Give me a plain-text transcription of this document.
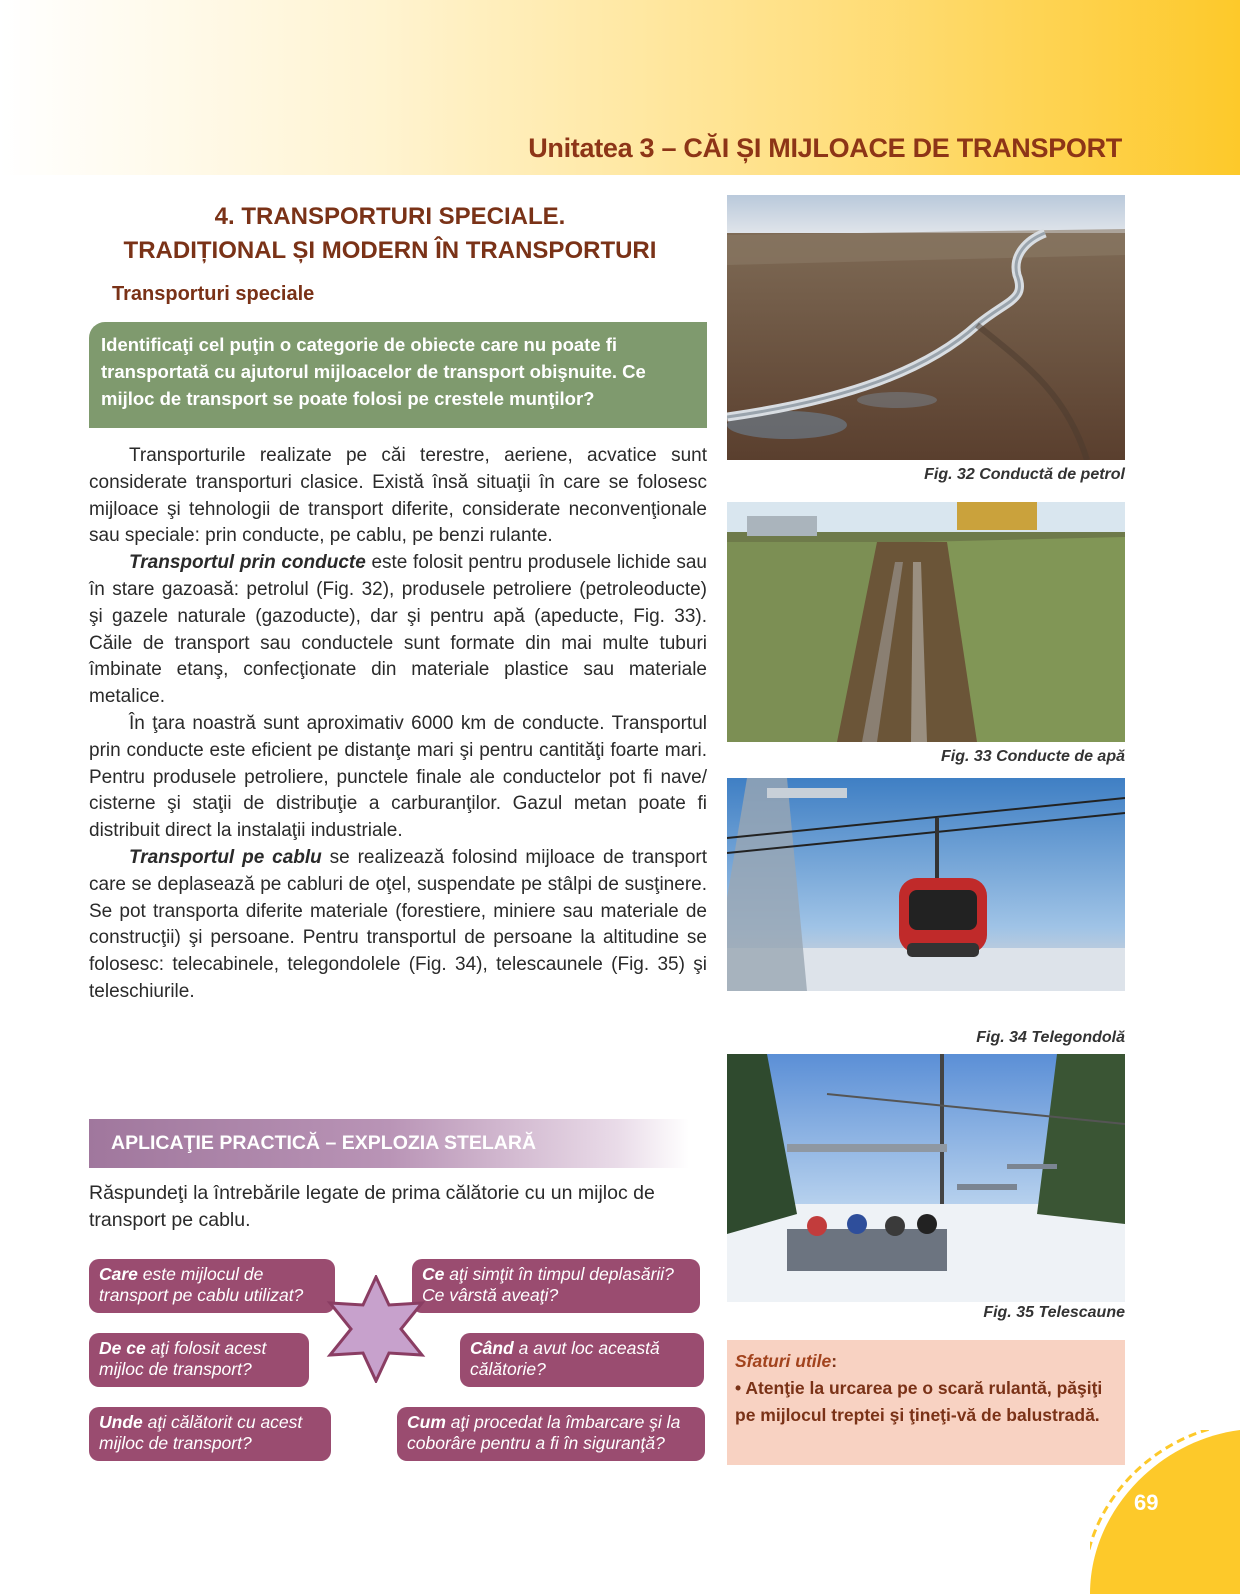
Unitatea 3 – CĂI ȘI MIJLOACE DE TRANSPORT
4. TRANSPORTURI SPECIALE.
TRADIȚIONAL ȘI MODERN ÎN TRANSPORTURI
Transporturi speciale
Identificaţi cel puţin o categorie de obiecte care nu poate fi transportată cu ajutorul mijloacelor de transport obişnuite. Ce mijloc de transport se poate folosi pe crestele munţilor?

Transporturile realizate pe căi terestre, aeriene, acvatice sunt considerate transporturi clasice. Există însă situaţii în care se folosesc mijloace şi tehnologii de transport diferite, considerate neconvenţionale sau speciale: prin conducte, pe cablu, pe benzi rulante.

Transportul prin conducte este folosit pentru produsele lichide sau în stare gazoasă: petrolul (Fig. 32), produsele petroliere (petroleoducte) şi gazele naturale (gazoducte), dar şi pentru apă (apeducte, Fig. 33). Căile de transport sau conductele sunt formate din mai multe tuburi îmbinate etanş, confecţionate din materiale plastice sau materiale metalice.

În ţara noastră sunt aproximativ 6000 km de conducte. Transportul prin conducte este eficient pe distanţe mari şi pentru cantităţi foarte mari. Pentru produsele petroliere, punctele finale ale conductelor pot fi nave/ cisterne şi staţii de distribuţie a carburanţilor. Gazul metan poate fi distribuit direct la instalaţii industriale.

Transportul pe cablu se realizează folosind mijloace de transport care se deplasează pe cabluri de oţel, suspendate pe stâlpi de susţinere. Se pot transporta diferite materiale (forestiere, miniere sau materiale de construcţii) şi persoane. Pentru transportul de persoane la altitudine se folosesc: telecabinele, telegondolele (Fig. 34), telescaunele (Fig. 35) şi teleschiurile.

APLICAŢIE PRACTICĂ – EXPLOZIA STELARĂ
Răspundeţi la întrebările legate de prima călătorie cu un mijloc de transport pe cablu.
Care este mijlocul de transport pe cablu utilizat?
Ce aţi simţit în timpul deplasării? Ce vârstă aveaţi?
De ce aţi folosit acest mijloc de transport?
Când a avut loc această călătorie?
Unde aţi călătorit cu acest mijloc de transport?
Cum aţi procedat la îmbarcare şi la coborâre pentru a fi în siguranţă?
Fig. 32 Conductă de petrol
Fig. 33 Conducte de apă
Fig. 34 Telegondolă
Fig. 35 Telescaune
Sfaturi utile:
• Atenţie la urcarea pe o scară rulantă, păşiţi pe mijlocul treptei şi ţineţi-vă de balustradă.
69
